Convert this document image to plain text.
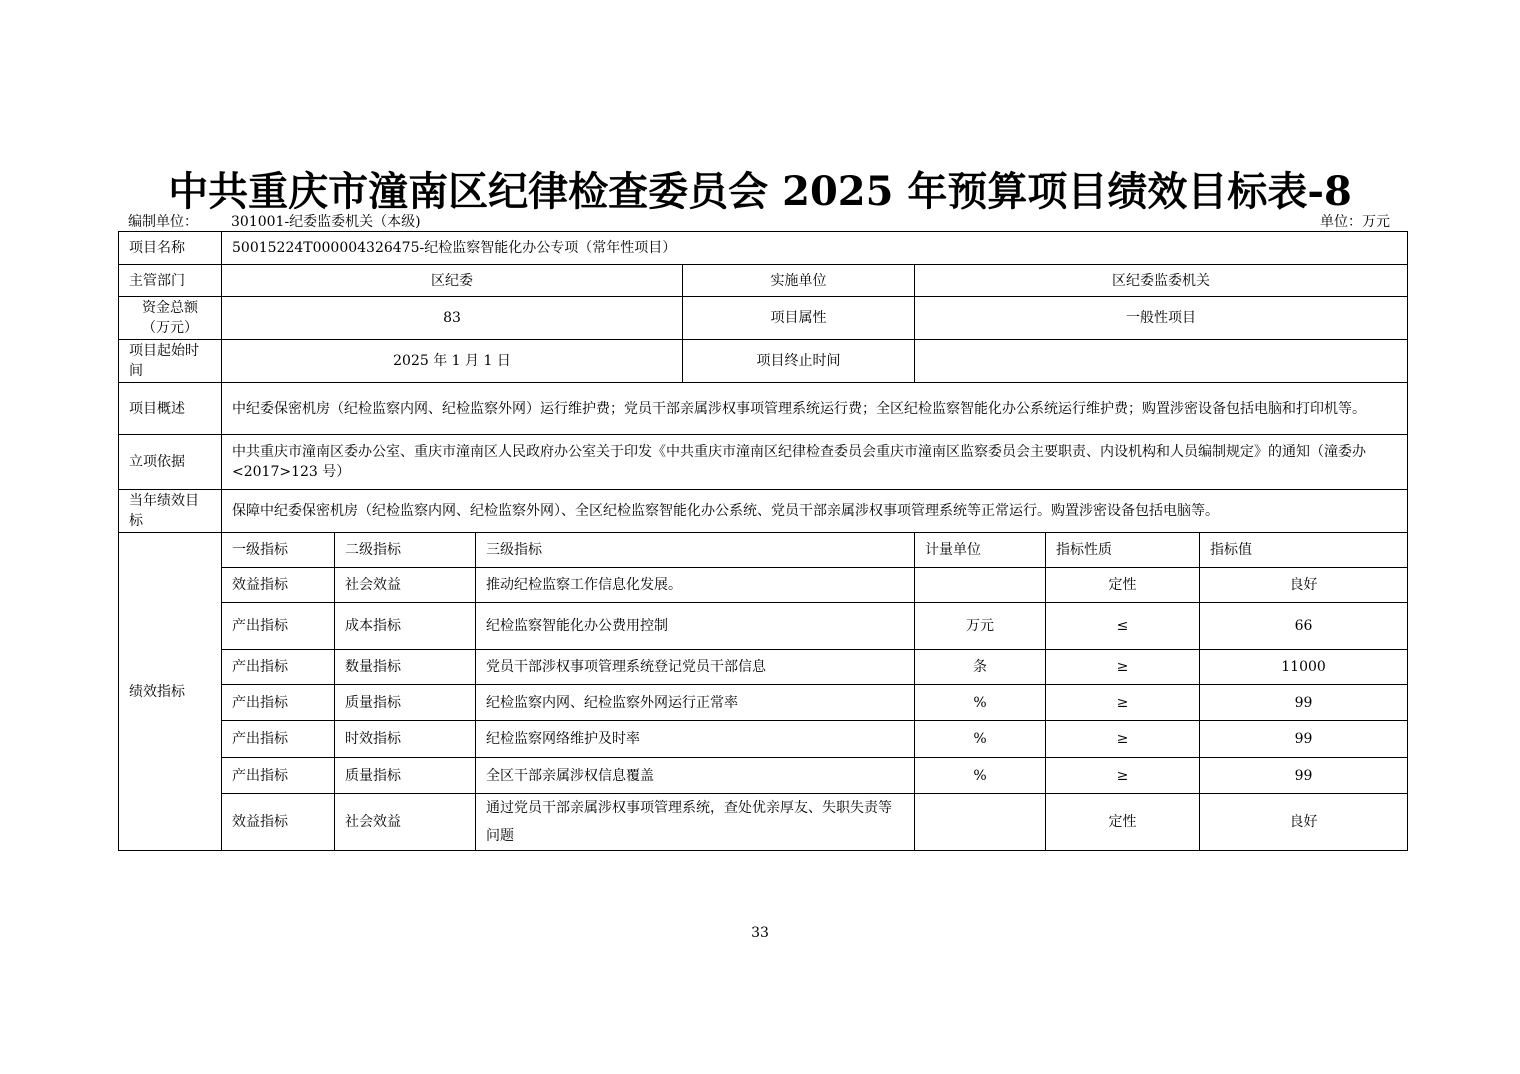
中共重庆市潼南区纪律检查委员会 2025 年预算项目绩效目标表-8
编制单位： 301001-纪委监委机关（本级)	单位：万元
项目名称	50015224T000004326475-纪检监察智能化办公专项（常年性项目）						
主管部门	区纪委			实施单位	区纪委监委机关		
资金总额（万元）	83			项目属性	一般性项目		
项目起始时间	2025 年 1 月 1 日			项目终止时间			
项目概述	中纪委保密机房（纪检监察内网、纪检监察外网）运行维护费；党员干部亲属涉权事项管理系统运行费；全区纪检监察智能化办公系统运行维护费；购置涉密设备包括电脑和打印机等。						
立项依据	中共重庆市潼南区委办公室、重庆市潼南区人民政府办公室关于印发《中共重庆市潼南区纪律检查委员会重庆市潼南区监察委员会主要职责、内设机构和人员编制规定》的通知（潼委办<2017>123 号）						
当年绩效目标	保障中纪委保密机房（纪检监察内网、纪检监察外网）、全区纪检监察智能化办公系统、党员干部亲属涉权事项管理系统等正常运行。购置涉密设备包括电脑等。						
绩效指标	一级指标	二级指标	三级指标		计量单位	指标性质	指标值
	效益指标	社会效益	推动纪检监察工作信息化发展。			定性	良好
	产出指标	成本指标	纪检监察智能化办公费用控制		万元	≤	66
	产出指标	数量指标	党员干部涉权事项管理系统登记党员干部信息		条	≥	11000
	产出指标	质量指标	纪检监察内网、纪检监察外网运行正常率		%	≥	99
	产出指标	时效指标	纪检监察网络维护及时率		%	≥	99
	产出指标	质量指标	全区干部亲属涉权信息覆盖		%	≥	99
	效益指标	社会效益	通过党员干部亲属涉权事项管理系统，查处优亲厚友、失职失责等问题			定性	良好
33
